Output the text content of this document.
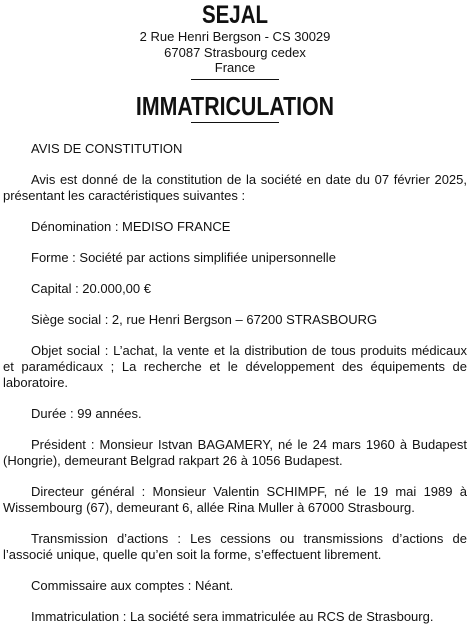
SEJAL
2 Rue Henri Bergson - CS 30029
67087 Strasbourg cedex
France
IMMATRICULATION

AVIS DE CONSTITUTION

Avis est donné de la constitution de la société en date du 07 février 2025, présentant les caractéristiques suivantes :

Dénomination : MEDISO FRANCE

Forme : Société par actions simplifiée unipersonnelle

Capital : 20.000,00 €

Siège social : 2, rue Henri Bergson – 67200 STRASBOURG

Objet social : L’achat, la vente et la distribution de tous produits médicaux et paramédicaux ; La recherche et le développement des équipements de laboratoire.

Durée : 99 années.

Président : Monsieur Istvan BAGAMERY, né le 24 mars 1960 à Budapest (Hongrie), demeurant Belgrad rakpart 26 à 1056 Budapest.

Directeur général : Monsieur Valentin SCHIMPF, né le 19 mai 1989 à Wissembourg (67), demeurant 6, allée Rina Muller à 67000 Strasbourg.

Transmission d’actions : Les cessions ou transmissions d’actions de l’associé unique, quelle qu’en soit la forme, s’effectuent librement.

Commissaire aux comptes : Néant.

Immatriculation : La société sera immatriculée au RCS de Strasbourg.
